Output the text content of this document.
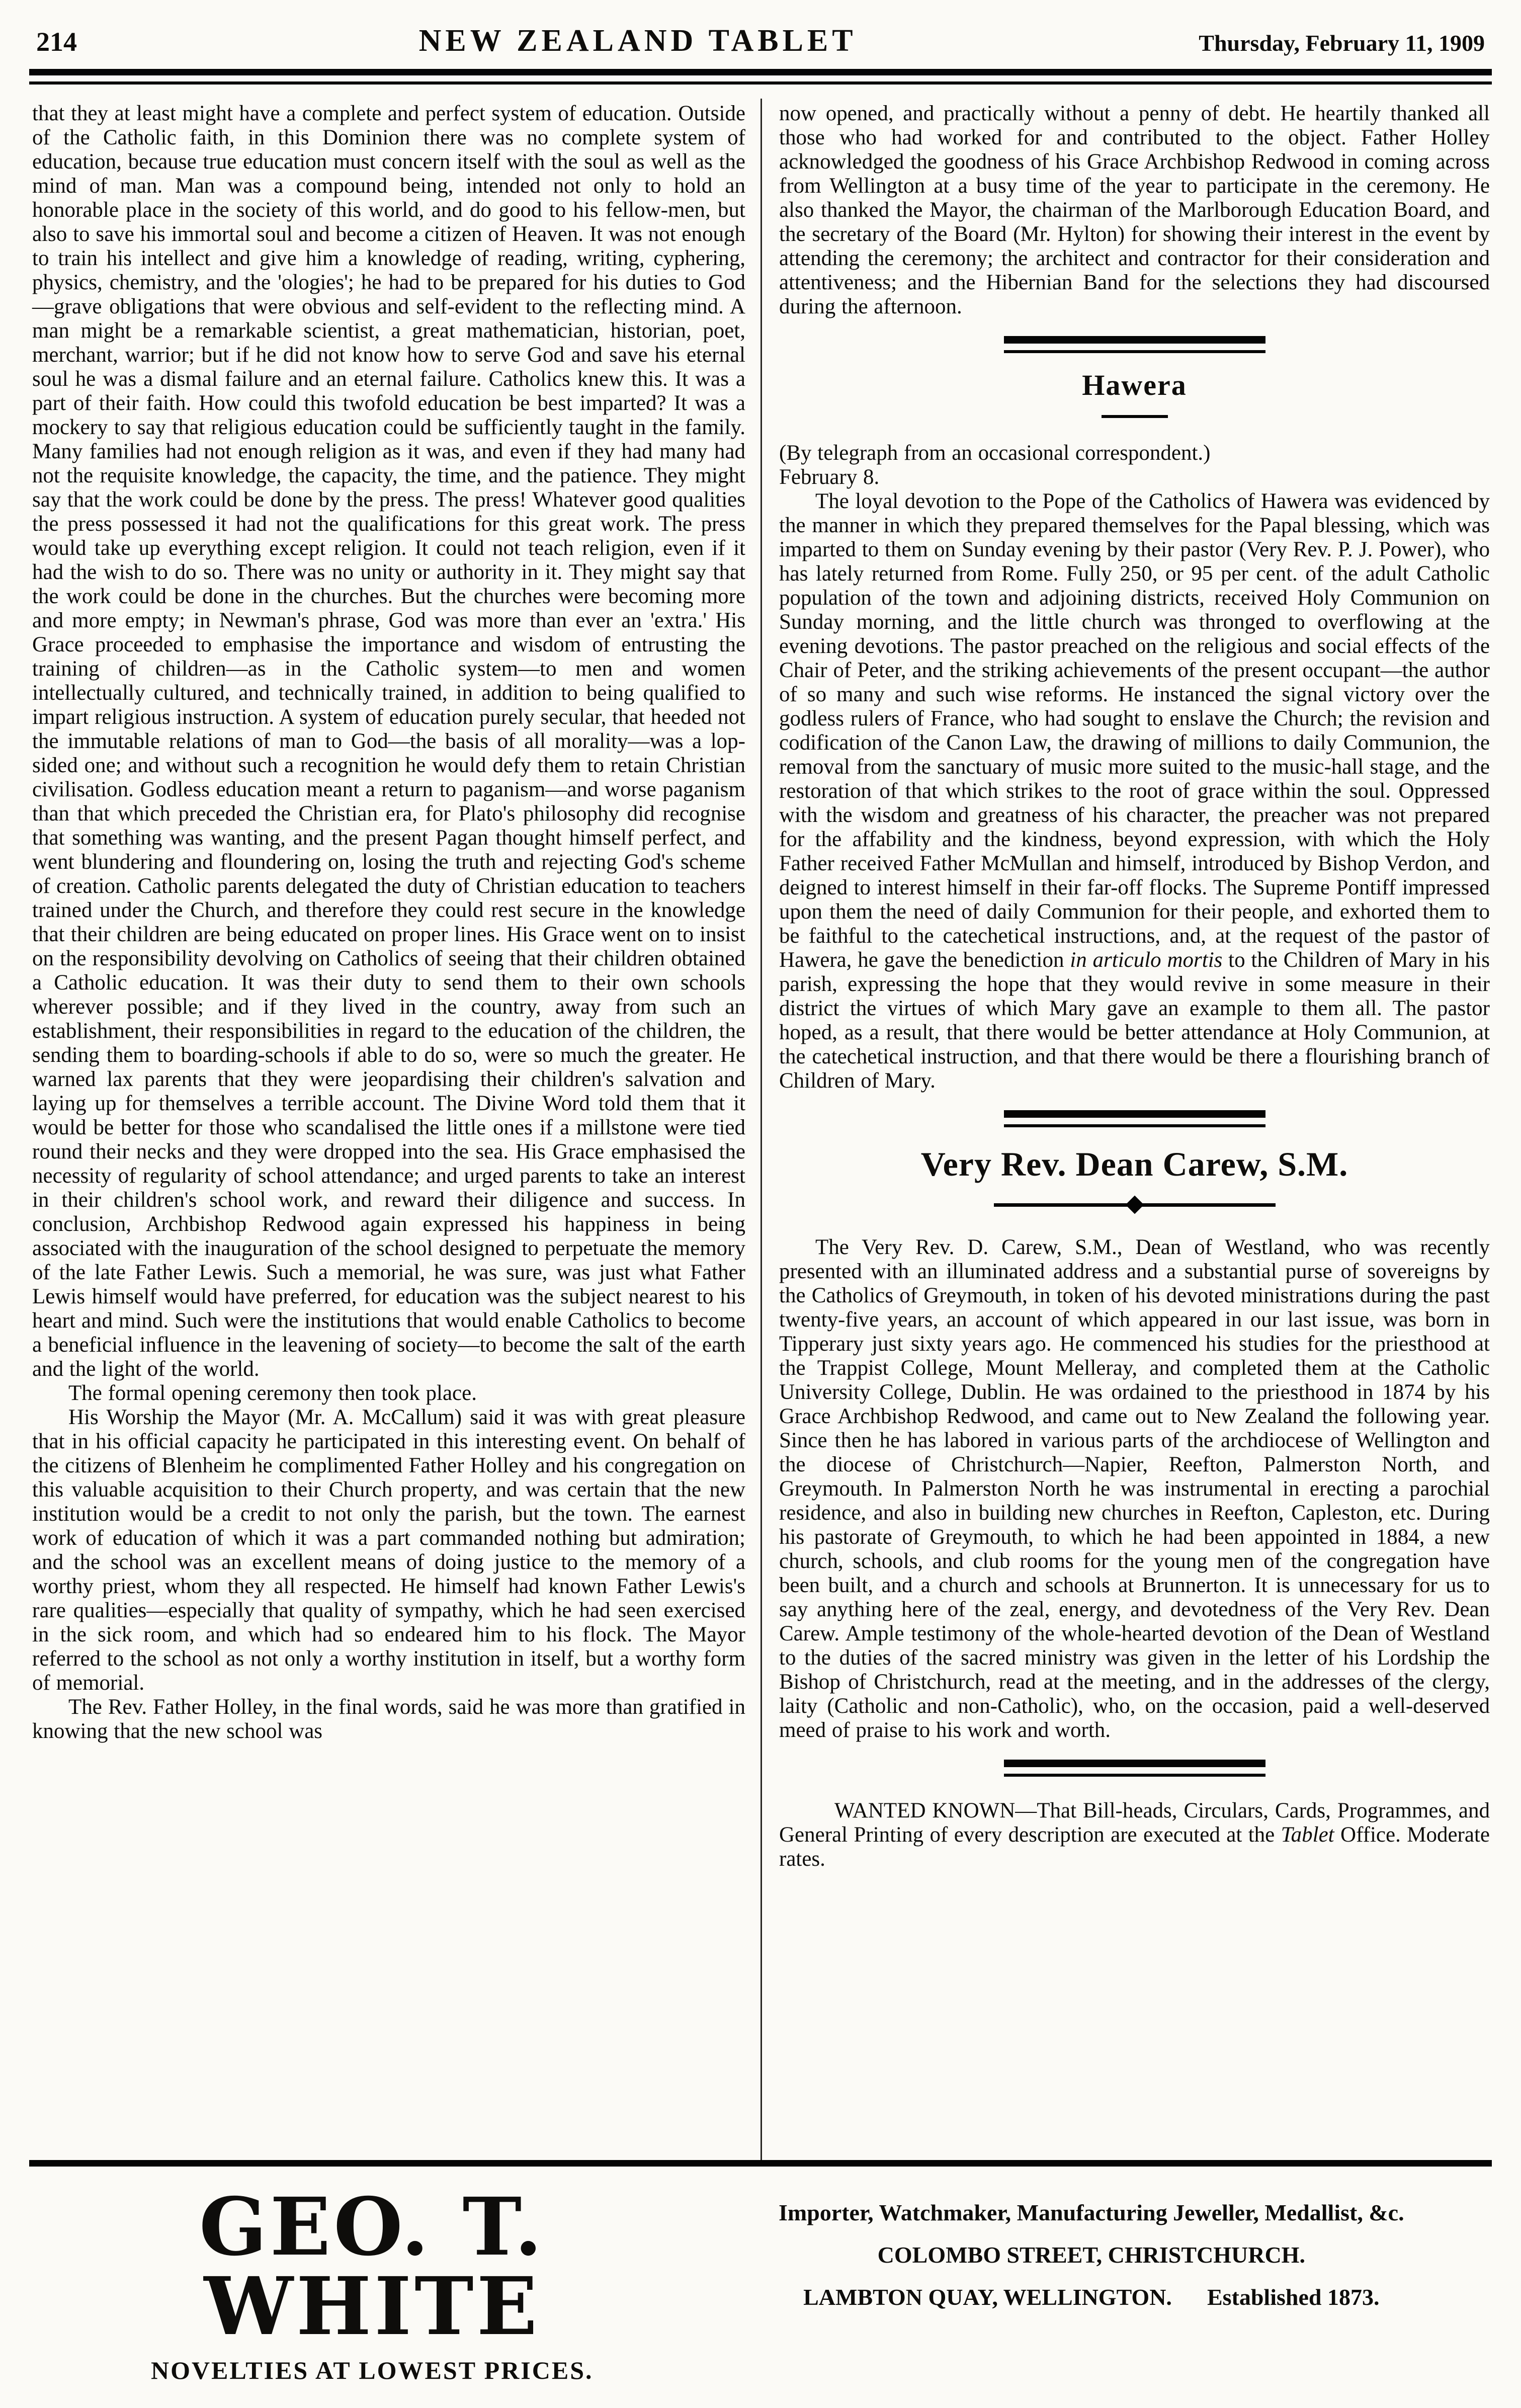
214	NEW ZEALAND TABLET	Thursday, February 11, 1909

that they at least might have a complete and perfect system of education. Outside of the Catholic faith, in this Dominion there was no complete system of education, because true education must concern itself with the soul as well as the mind of man. Man was a compound being, intended not only to hold an honorable place in the society of this world, and do good to his fellow-men, but also to save his immortal soul and become a citizen of Heaven. It was not enough to train his intellect and give him a knowledge of reading, writing, cyphering, physics, chemistry, and the 'ologies'; he had to be prepared for his duties to God—grave obligations that were obvious and self-evident to the reflecting mind. A man might be a remarkable scientist, a great mathematician, historian, poet, merchant, warrior; but if he did not know how to serve God and save his eternal soul he was a dismal failure and an eternal failure. Catholics knew this. It was a part of their faith. How could this twofold education be best imparted? It was a mockery to say that religious education could be sufficiently taught in the family. Many families had not enough religion as it was, and even if they had many had not the requisite knowledge, the capacity, the time, and the patience. They might say that the work could be done by the press. The press! Whatever good qualities the press possessed it had not the qualifications for this great work. The press would take up everything except religion. It could not teach religion, even if it had the wish to do so. There was no unity or authority in it. They might say that the work could be done in the churches. But the churches were becoming more and more empty; in Newman's phrase, God was more than ever an 'extra.' His Grace proceeded to emphasise the importance and wisdom of entrusting the training of children—as in the Catholic system—to men and women intellectually cultured, and technically trained, in addition to being qualified to impart religious instruction. A system of education purely secular, that heeded not the immutable relations of man to God—the basis of all morality—was a lop-sided one; and without such a recognition he would defy them to retain Christian civilisation. Godless education meant a return to paganism—and worse paganism than that which preceded the Christian era, for Plato's philosophy did recognise that something was wanting, and the present Pagan thought himself perfect, and went blundering and floundering on, losing the truth and rejecting God's scheme of creation. Catholic parents delegated the duty of Christian education to teachers trained under the Church, and therefore they could rest secure in the knowledge that their children are being educated on proper lines. His Grace went on to insist on the responsibility devolving on Catholics of seeing that their children obtained a Catholic education. It was their duty to send them to their own schools wherever possible; and if they lived in the country, away from such an establishment, their responsibilities in regard to the education of the children, the sending them to boarding-schools if able to do so, were so much the greater. He warned lax parents that they were jeopardising their children's salvation and laying up for themselves a terrible account. The Divine Word told them that it would be better for those who scandalised the little ones if a millstone were tied round their necks and they were dropped into the sea. His Grace emphasised the necessity of regularity of school attendance; and urged parents to take an interest in their children's school work, and reward their diligence and success. In conclusion, Archbishop Redwood again expressed his happiness in being associated with the inauguration of the school designed to perpetuate the memory of the late Father Lewis. Such a memorial, he was sure, was just what Father Lewis himself would have preferred, for education was the subject nearest to his heart and mind. Such were the institutions that would enable Catholics to become a beneficial influence in the leavening of society—to become the salt of the earth and the light of the world.

The formal opening ceremony then took place.

His Worship the Mayor (Mr. A. McCallum) said it was with great pleasure that in his official capacity he participated in this interesting event. On behalf of the citizens of Blenheim he complimented Father Holley and his congregation on this valuable acquisition to their Church property, and was certain that the new institution would be a credit to not only the parish, but the town. The earnest work of education of which it was a part commanded nothing but admiration; and the school was an excellent means of doing justice to the memory of a worthy priest, whom they all respected. He himself had known Father Lewis's rare qualities—especially that quality of sympathy, which he had seen exercised in the sick room, and which had so endeared him to his flock. The Mayor referred to the school as not only a worthy institution in itself, but a worthy form of memorial.

The Rev. Father Holley, in the final words, said he was more than gratified in knowing that the new school was

now opened, and practically without a penny of debt. He heartily thanked all those who had worked for and contributed to the object. Father Holley acknowledged the goodness of his Grace Archbishop Redwood in coming across from Wellington at a busy time of the year to participate in the ceremony. He also thanked the Mayor, the chairman of the Marlborough Education Board, and the secretary of the Board (Mr. Hylton) for showing their interest in the event by attending the ceremony; the architect and contractor for their consideration and attentiveness; and the Hibernian Band for the selections they had discoursed during the afternoon.

Hawera

(By telegraph from an occasional correspondent.)

February 8.

The loyal devotion to the Pope of the Catholics of Hawera was evidenced by the manner in which they prepared themselves for the Papal blessing, which was imparted to them on Sunday evening by their pastor (Very Rev. P. J. Power), who has lately returned from Rome. Fully 250, or 95 per cent. of the adult Catholic population of the town and adjoining districts, received Holy Communion on Sunday morning, and the little church was thronged to overflowing at the evening devotions. The pastor preached on the religious and social effects of the Chair of Peter, and the striking achievements of the present occupant—the author of so many and such wise reforms. He instanced the signal victory over the godless rulers of France, who had sought to enslave the Church; the revision and codification of the Canon Law, the drawing of millions to daily Communion, the removal from the sanctuary of music more suited to the music-hall stage, and the restoration of that which strikes to the root of grace within the soul. Oppressed with the wisdom and greatness of his character, the preacher was not prepared for the affability and the kindness, beyond expression, with which the Holy Father received Father McMullan and himself, introduced by Bishop Verdon, and deigned to interest himself in their far-off flocks. The Supreme Pontiff impressed upon them the need of daily Communion for their people, and exhorted them to be faithful to the catechetical instructions, and, at the request of the pastor of Hawera, he gave the benediction in articulo mortis to the Children of Mary in his parish, expressing the hope that they would revive in some measure in their district the virtues of which Mary gave an example to them all. The pastor hoped, as a result, that there would be better attendance at Holy Communion, at the catechetical instruction, and that there would be there a flourishing branch of Children of Mary.

Very Rev. Dean Carew, S.M.

The Very Rev. D. Carew, S.M., Dean of Westland, who was recently presented with an illuminated address and a substantial purse of sovereigns by the Catholics of Greymouth, in token of his devoted ministrations during the past twenty-five years, an account of which appeared in our last issue, was born in Tipperary just sixty years ago. He commenced his studies for the priesthood at the Trappist College, Mount Melleray, and completed them at the Catholic University College, Dublin. He was ordained to the priesthood in 1874 by his Grace Archbishop Redwood, and came out to New Zealand the following year. Since then he has labored in various parts of the archdiocese of Wellington and the diocese of Christchurch—Napier, Reefton, Palmerston North, and Greymouth. In Palmerston North he was instrumental in erecting a parochial residence, and also in building new churches in Reefton, Capleston, etc. During his pastorate of Greymouth, to which he had been appointed in 1884, a new church, schools, and club rooms for the young men of the congregation have been built, and a church and schools at Brunnerton. It is unnecessary for us to say anything here of the zeal, energy, and devotedness of the Very Rev. Dean Carew. Ample testimony of the whole-hearted devotion of the Dean of Westland to the duties of the sacred ministry was given in the letter of his Lordship the Bishop of Christchurch, read at the meeting, and in the addresses of the clergy, laity (Catholic and non-Catholic), who, on the occasion, paid a well-deserved meed of praise to his work and worth.

WANTED KNOWN—That Bill-heads, Circulars, Cards, Programmes, and General Printing of every description are executed at the Tablet Office. Moderate rates.

GEO. T. WHITE
NOVELTIES AT LOWEST PRICES.
Importer, Watchmaker, Manufacturing Jeweller, Medallist, &c.
COLOMBO STREET, CHRISTCHURCH.
LAMBTON QUAY, WELLINGTON. Established 1873.
